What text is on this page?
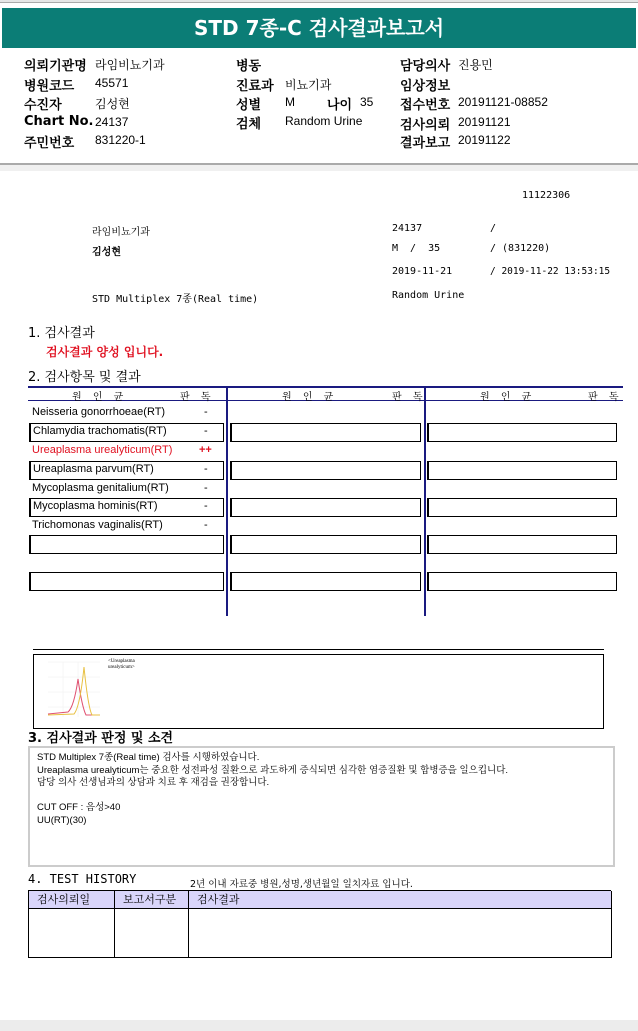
STD 7종-C 검사결과보고서
의뢰기관명 라임비뇨기과
병원코드 45571
수진자	김성현
Chart No. 24137
주민번호 831220-1
병동
진료과 비뇨기과
성별 M 나이 35
검체 Random Urine
담당의사 진용민
임상정보
접수번호 20191121-08852
검사의뢰 20191121
결과보고 20191122
11122306
라임비뇨기과
김성현
24137	/
M  /  35	/ (831220)
2019-11-21	/ 2019-11-22 13:53:15
STD Multiplex 7종(Real time)	Random Urine
1. 검사결과
검사결과 양성 입니다.
2. 검사항목 및 결과
원 인 균	판 독	원 인 균	판 독	원 인 균	판 독
Neisseria gonorrhoeae(RT)	-
Chlamydia trachomatis(RT)	-
Ureaplasma urealyticum(RT) ++
Ureaplasma parvum(RT)	-
Mycoplasma genitalium(RT)	-
Mycoplasma hominis(RT)	-
Trichomonas vaginalis(RT)	-
<Ureaplasma urealyticum>
3. 검사결과 판정 및 소견
STD Multiplex 7종(Real time) 검사를 시행하였습니다.
Ureaplasma urealyticum는 중요한 성전파성 질환으로 과도하게 증식되면 심각한 염증질환 및 합병증을 일으킵니다.
담당 의사 선생님과의 상담과 치료 후 재검을 권장합니다.
CUT OFF : 음성>40
UU(RT)(30)
4. TEST HISTORY	2년 이내 자료중 병원,성명,생년월일 일치자료 입니다.
검사의뢰일	보고서구분	검사결과
